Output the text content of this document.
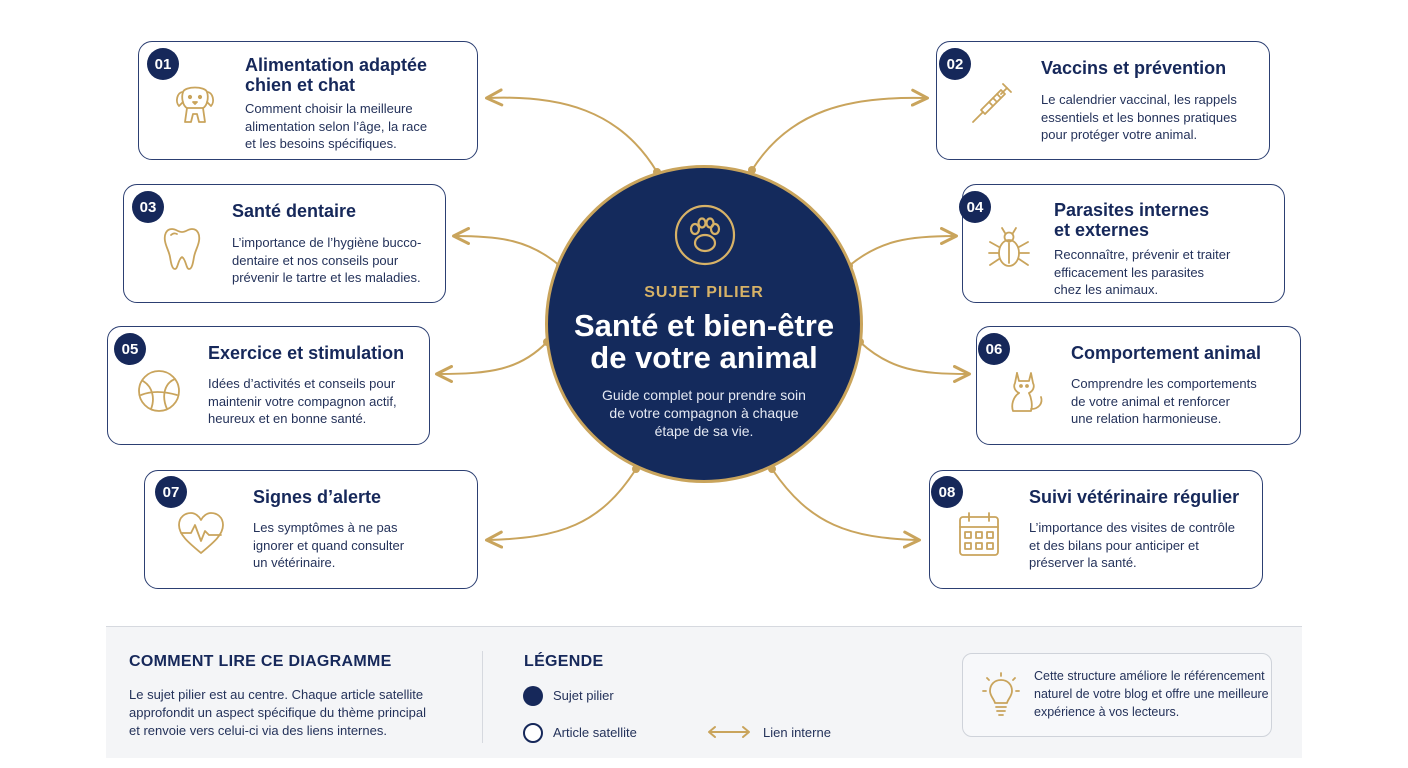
SUJET PILIER
Santé et bien-être
de votre animal
Guide complet pour prendre soin
de votre compagnon à chaque
étape de sa vie.
01	Alimentation adaptée
chien et chat
Comment choisir la meilleure
alimentation selon l’âge, la race
et les besoins spécifiques.
02	Vaccins et prévention
Le calendrier vaccinal, les rappels
essentiels et les bonnes pratiques
pour protéger votre animal.
03	Santé dentaire
L’importance de l’hygiène bucco-
dentaire et nos conseils pour
prévenir le tartre et les maladies.
04	Parasites internes
et externes
Reconnaître, prévenir et traiter
efficacement les parasites
chez les animaux.
05	Exercice et stimulation
Idées d’activités et conseils pour
maintenir votre compagnon actif,
heureux et en bonne santé.
06	Comportement animal
Comprendre les comportements
de votre animal et renforcer
une relation harmonieuse.
07	Signes d’alerte
Les symptômes à ne pas
ignorer et quand consulter
un vétérinaire.
08	Suivi vétérinaire régulier
L’importance des visites de contrôle
et des bilans pour anticiper et
préserver la santé.
COMMENT LIRE CE DIAGRAMME
Le sujet pilier est au centre. Chaque article satellite
approfondit un aspect spécifique du thème principal
et renvoie vers celui-ci via des liens internes.
LÉGENDE
Sujet pilier
Article satellite	Lien interne
Cette structure améliore le référencement
naturel de votre blog et offre une meilleure
expérience à vos lecteurs.
